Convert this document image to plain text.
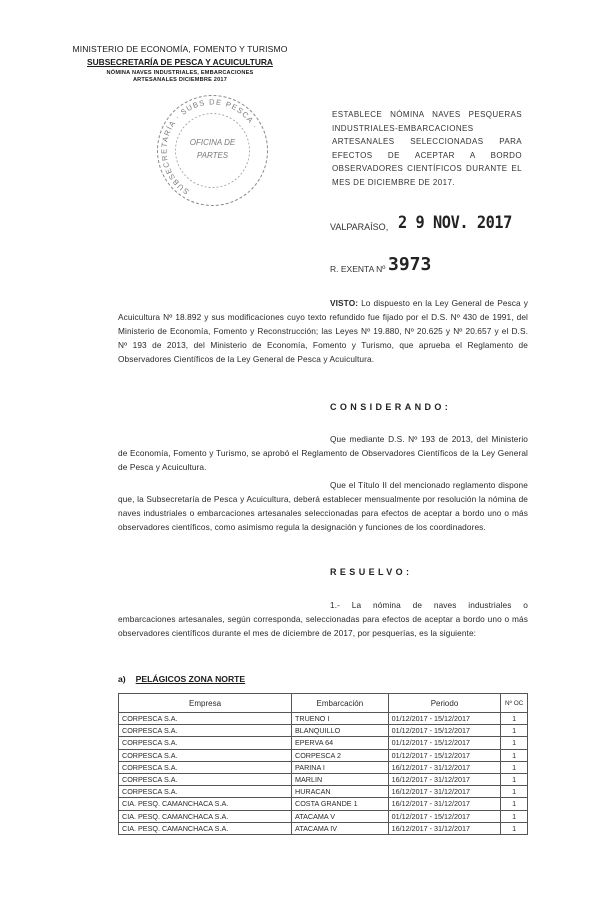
MINISTERIO DE ECONOMÍA, FOMENTO Y TURISMO
SUBSECRETARÍA DE PESCA Y ACUICULTURA
NÓMINA NAVES INDUSTRIALES, EMBARCACIONES
ARTESANALES DICIEMBRE 2017
SUBSECRETARÍA · SUBS DE PESCA ·
OFICINA DE
PARTES
ESTABLECE NÓMINA NAVES PESQUERAS INDUSTRIALES-EMBARCACIONES ARTESANALES SELECCIONADAS PARA EFECTOS DE ACEPTAR A BORDO OBSERVADORES CIENTÍFICOS DURANTE EL MES DE DICIEMBRE DE 2017.
VALPARAÍSO, 2 9 NOV. 2017
R. EXENTA Nº 3973
VISTO: Lo dispuesto en la Ley General de Pesca y Acuicultura Nº 18.892 y sus modificaciones cuyo texto refundido fue fijado por el D.S. Nº 430 de 1991, del Ministerio de Economía, Fomento y Reconstrucción; las Leyes Nº 19.880, Nº 20.625 y Nº 20.657 y el D.S. Nº 193 de 2013, del Ministerio de Economía, Fomento y Turismo, que aprueba el Reglamento de Observadores Científicos de la Ley General de Pesca y Acuicultura.
CONSIDERANDO:
Que mediante D.S. Nº 193 de 2013, del Ministerio de Economía, Fomento y Turismo, se aprobó el Reglamento de Observadores Científicos de la Ley General de Pesca y Acuicultura.
Que el Título II del mencionado reglamento dispone que, la Subsecretaría de Pesca y Acuicultura, deberá establecer mensualmente por resolución la nómina de naves industriales o embarcaciones artesanales seleccionadas para efectos de aceptar a bordo uno o más observadores científicos, como asimismo regula la designación y funciones de los coordinadores.
RESUELVO:
1.- La nómina de naves industriales o embarcaciones artesanales, según corresponda, seleccionadas para efectos de aceptar a bordo uno o más observadores científicos durante el mes de diciembre de 2017, por pesquerías, es la siguiente:
a) PELÁGICOS ZONA NORTE
Empresa	Embarcación	Periodo	Nº OC
CORPESCA S.A.	TRUENO I	01/12/2017 - 15/12/2017	1
CORPESCA S.A.	BLANQUILLO	01/12/2017 - 15/12/2017	1
CORPESCA S.A.	EPERVA 64	01/12/2017 - 15/12/2017	1
CORPESCA S.A.	CORPESCA 2	01/12/2017 - 15/12/2017	1
CORPESCA S.A.	PARINA I	16/12/2017 - 31/12/2017	1
CORPESCA S.A.	MARLIN	16/12/2017 - 31/12/2017	1
CORPESCA S.A.	HURACAN	16/12/2017 - 31/12/2017	1
CIA. PESQ. CAMANCHACA S.A.	COSTA GRANDE 1	16/12/2017 - 31/12/2017	1
CIA. PESQ. CAMANCHACA S.A.	ATACAMA V	01/12/2017 - 15/12/2017	1
CIA. PESQ. CAMANCHACA S.A.	ATACAMA IV	16/12/2017 - 31/12/2017	1
